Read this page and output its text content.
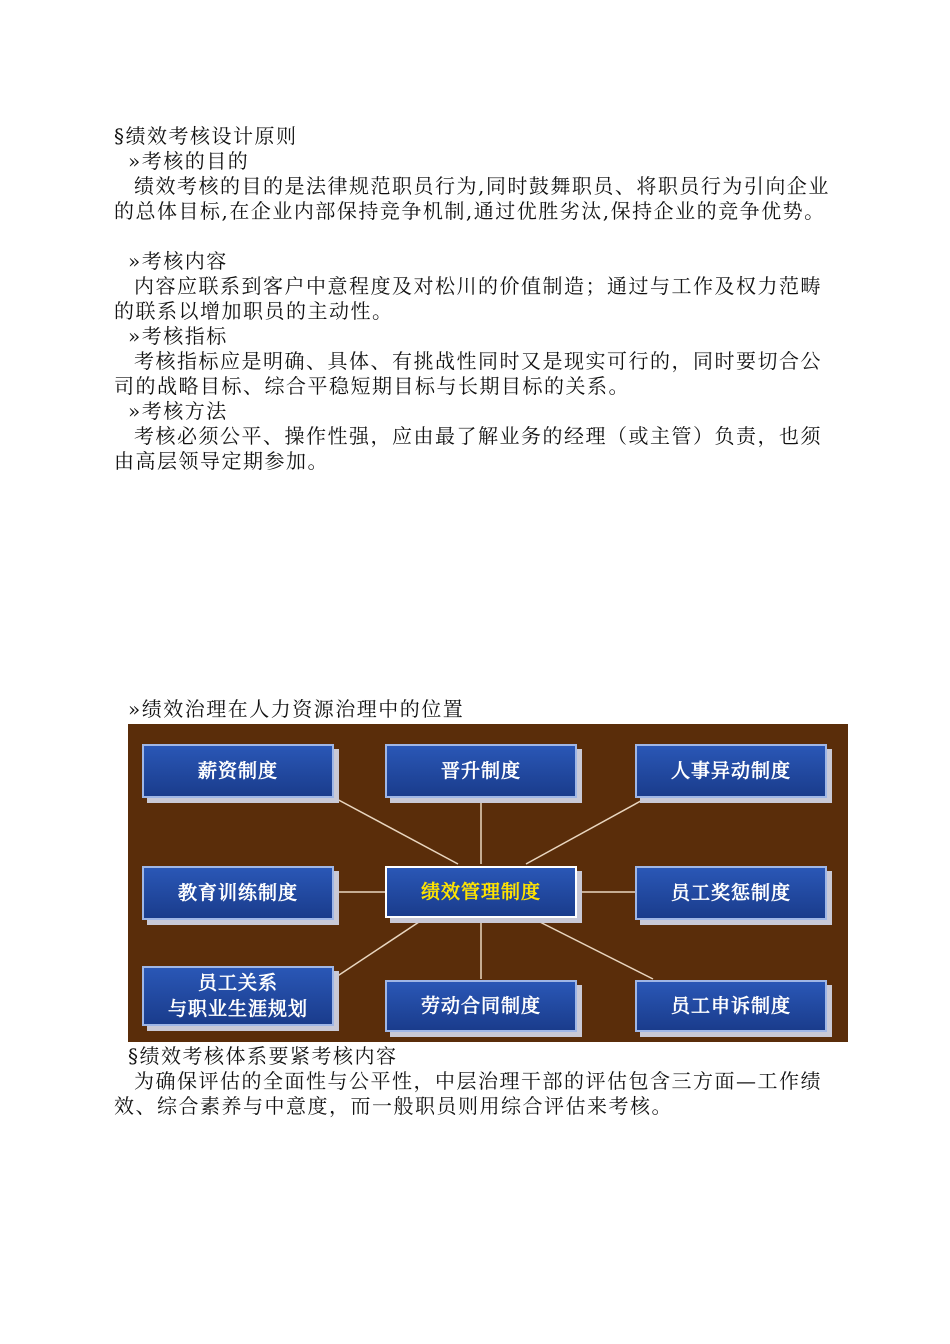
§绩效考核设计原则
»考核的目的
绩效考核的目的是法律规范职员行为,同时鼓舞职员、将职员行为引向企业的总体目标,在企业内部保持竞争机制,通过优胜劣汰,保持企业的竞争优势。
»考核内容
内容应联系到客户中意程度及对松川的价值制造；通过与工作及权力范畴的联系以增加职员的主动性。
»考核指标
考核指标应是明确、具体、有挑战性同时又是现实可行的，同时要切合公司的战略目标、综合平稳短期目标与长期目标的关系。
»考核方法
考核必须公平、操作性强，应由最了解业务的经理（或主管）负责，也须由高层领导定期参加。
»绩效治理在人力资源治理中的位置
薪资制度	晋升制度	人事异动制度
教育训练制度	绩效管理制度	员工奖惩制度
员工关系
与职业生涯规划	劳动合同制度	员工申诉制度
§绩效考核体系要紧考核内容
为确保评估的全面性与公平性，中层治理干部的评估包含三方面—工作绩效、综合素养与中意度，而一般职员则用综合评估来考核。
